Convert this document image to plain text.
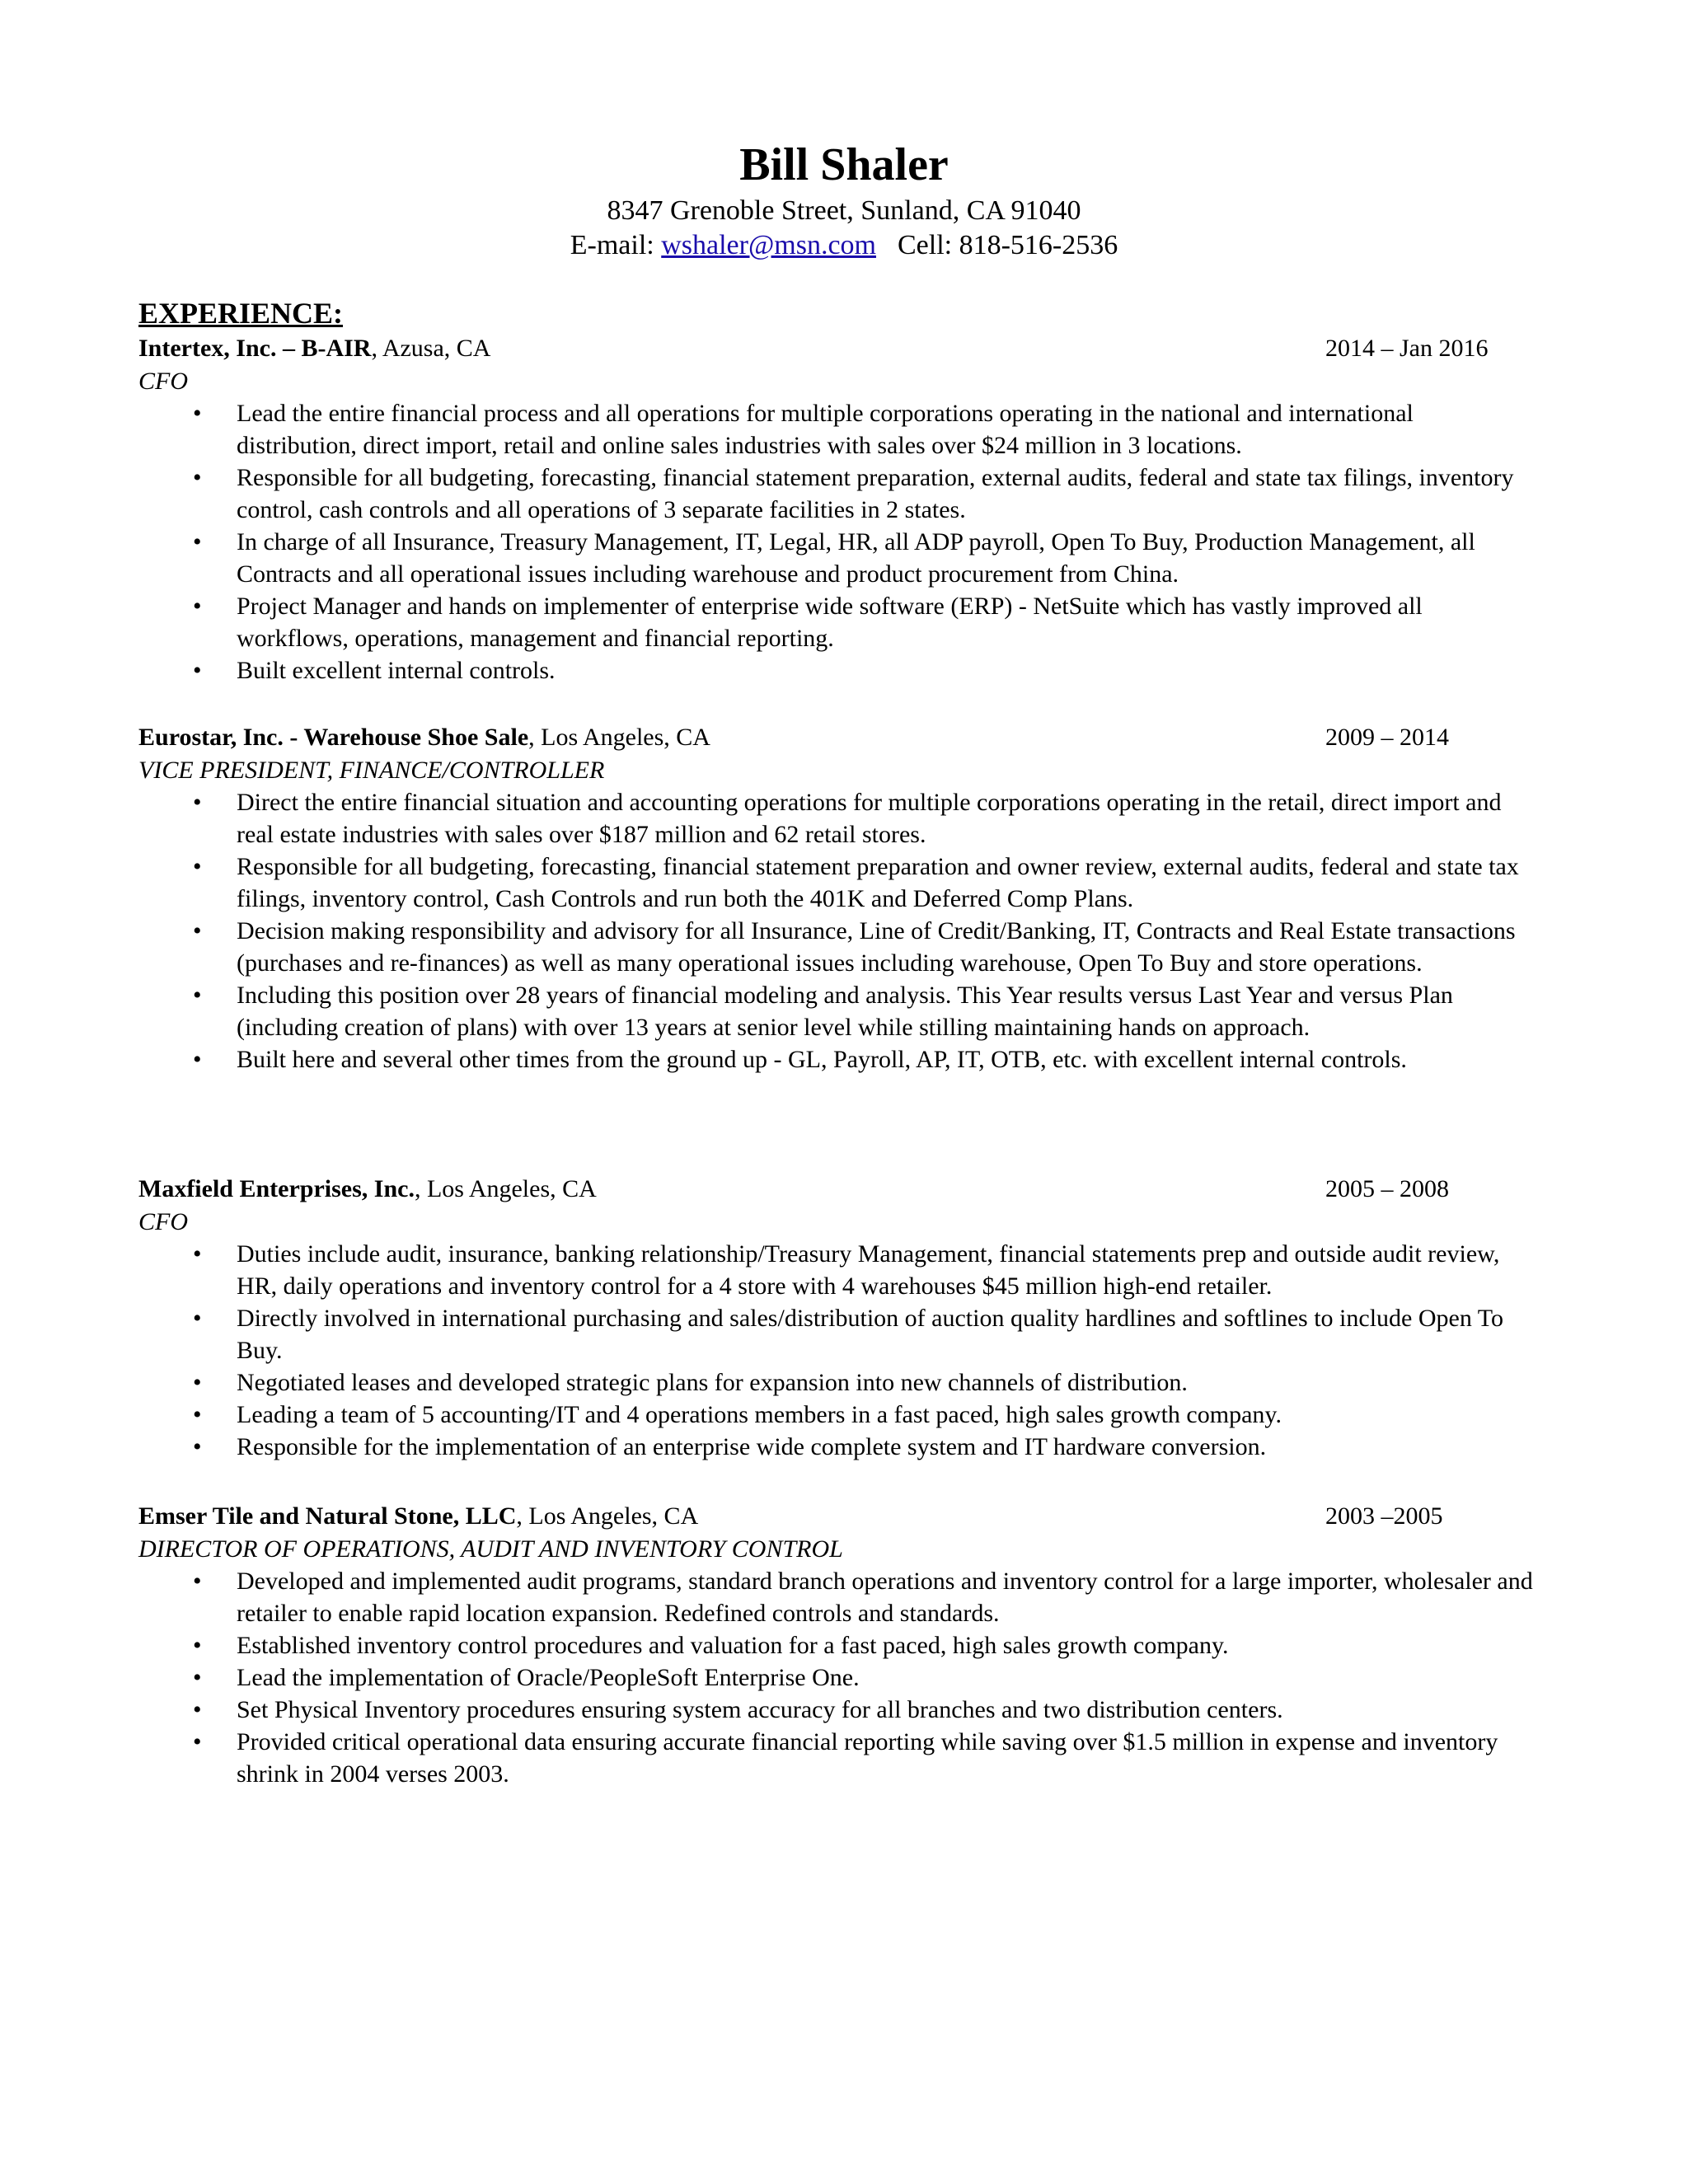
Bill Shaler
8347 Grenoble Street, Sunland, CA 91040
E-mail: wshaler@msn.com Cell: 818-516-2536
EXPERIENCE:
Intertex, Inc. – B-AIR, Azusa, CA	2014 – Jan 2016
CFO
• Lead the entire financial process and all operations for multiple corporations operating in the national and international distribution, direct import, retail and online sales industries with sales over $24 million in 3 locations.
• Responsible for all budgeting, forecasting, financial statement preparation, external audits, federal and state tax filings, inventory control, cash controls and all operations of 3 separate facilities in 2 states.
• In charge of all Insurance, Treasury Management, IT, Legal, HR, all ADP payroll, Open To Buy, Production Management, all Contracts and all operational issues including warehouse and product procurement from China.
• Project Manager and hands on implementer of enterprise wide software (ERP) - NetSuite which has vastly improved all workflows, operations, management and financial reporting.
• Built excellent internal controls.
Eurostar, Inc. - Warehouse Shoe Sale, Los Angeles, CA	2009 – 2014
VICE PRESIDENT, FINANCE/CONTROLLER
• Direct the entire financial situation and accounting operations for multiple corporations operating in the retail, direct import and real estate industries with sales over $187 million and 62 retail stores.
• Responsible for all budgeting, forecasting, financial statement preparation and owner review, external audits, federal and state tax filings, inventory control, Cash Controls and run both the 401K and Deferred Comp Plans.
• Decision making responsibility and advisory for all Insurance, Line of Credit/Banking, IT, Contracts and Real Estate transactions (purchases and re-finances) as well as many operational issues including warehouse, Open To Buy and store operations.
• Including this position over 28 years of financial modeling and analysis. This Year results versus Last Year and versus Plan (including creation of plans) with over 13 years at senior level while stilling maintaining hands on approach.
• Built here and several other times from the ground up - GL, Payroll, AP, IT, OTB, etc. with excellent internal controls.
Maxfield Enterprises, Inc., Los Angeles, CA	2005 – 2008
CFO
• Duties include audit, insurance, banking relationship/Treasury Management, financial statements prep and outside audit review, HR, daily operations and inventory control for a 4 store with 4 warehouses $45 million high-end retailer.
• Directly involved in international purchasing and sales/distribution of auction quality hardlines and softlines to include Open To Buy.
• Negotiated leases and developed strategic plans for expansion into new channels of distribution.
• Leading a team of 5 accounting/IT and 4 operations members in a fast paced, high sales growth company.
• Responsible for the implementation of an enterprise wide complete system and IT hardware conversion.
Emser Tile and Natural Stone, LLC, Los Angeles, CA	2003 –2005
DIRECTOR OF OPERATIONS, AUDIT AND INVENTORY CONTROL
• Developed and implemented audit programs, standard branch operations and inventory control for a large importer, wholesaler and retailer to enable rapid location expansion. Redefined controls and standards.
• Established inventory control procedures and valuation for a fast paced, high sales growth company.
• Lead the implementation of Oracle/PeopleSoft Enterprise One.
• Set Physical Inventory procedures ensuring system accuracy for all branches and two distribution centers.
• Provided critical operational data ensuring accurate financial reporting while saving over $1.5 million in expense and inventory shrink in 2004 verses 2003.
